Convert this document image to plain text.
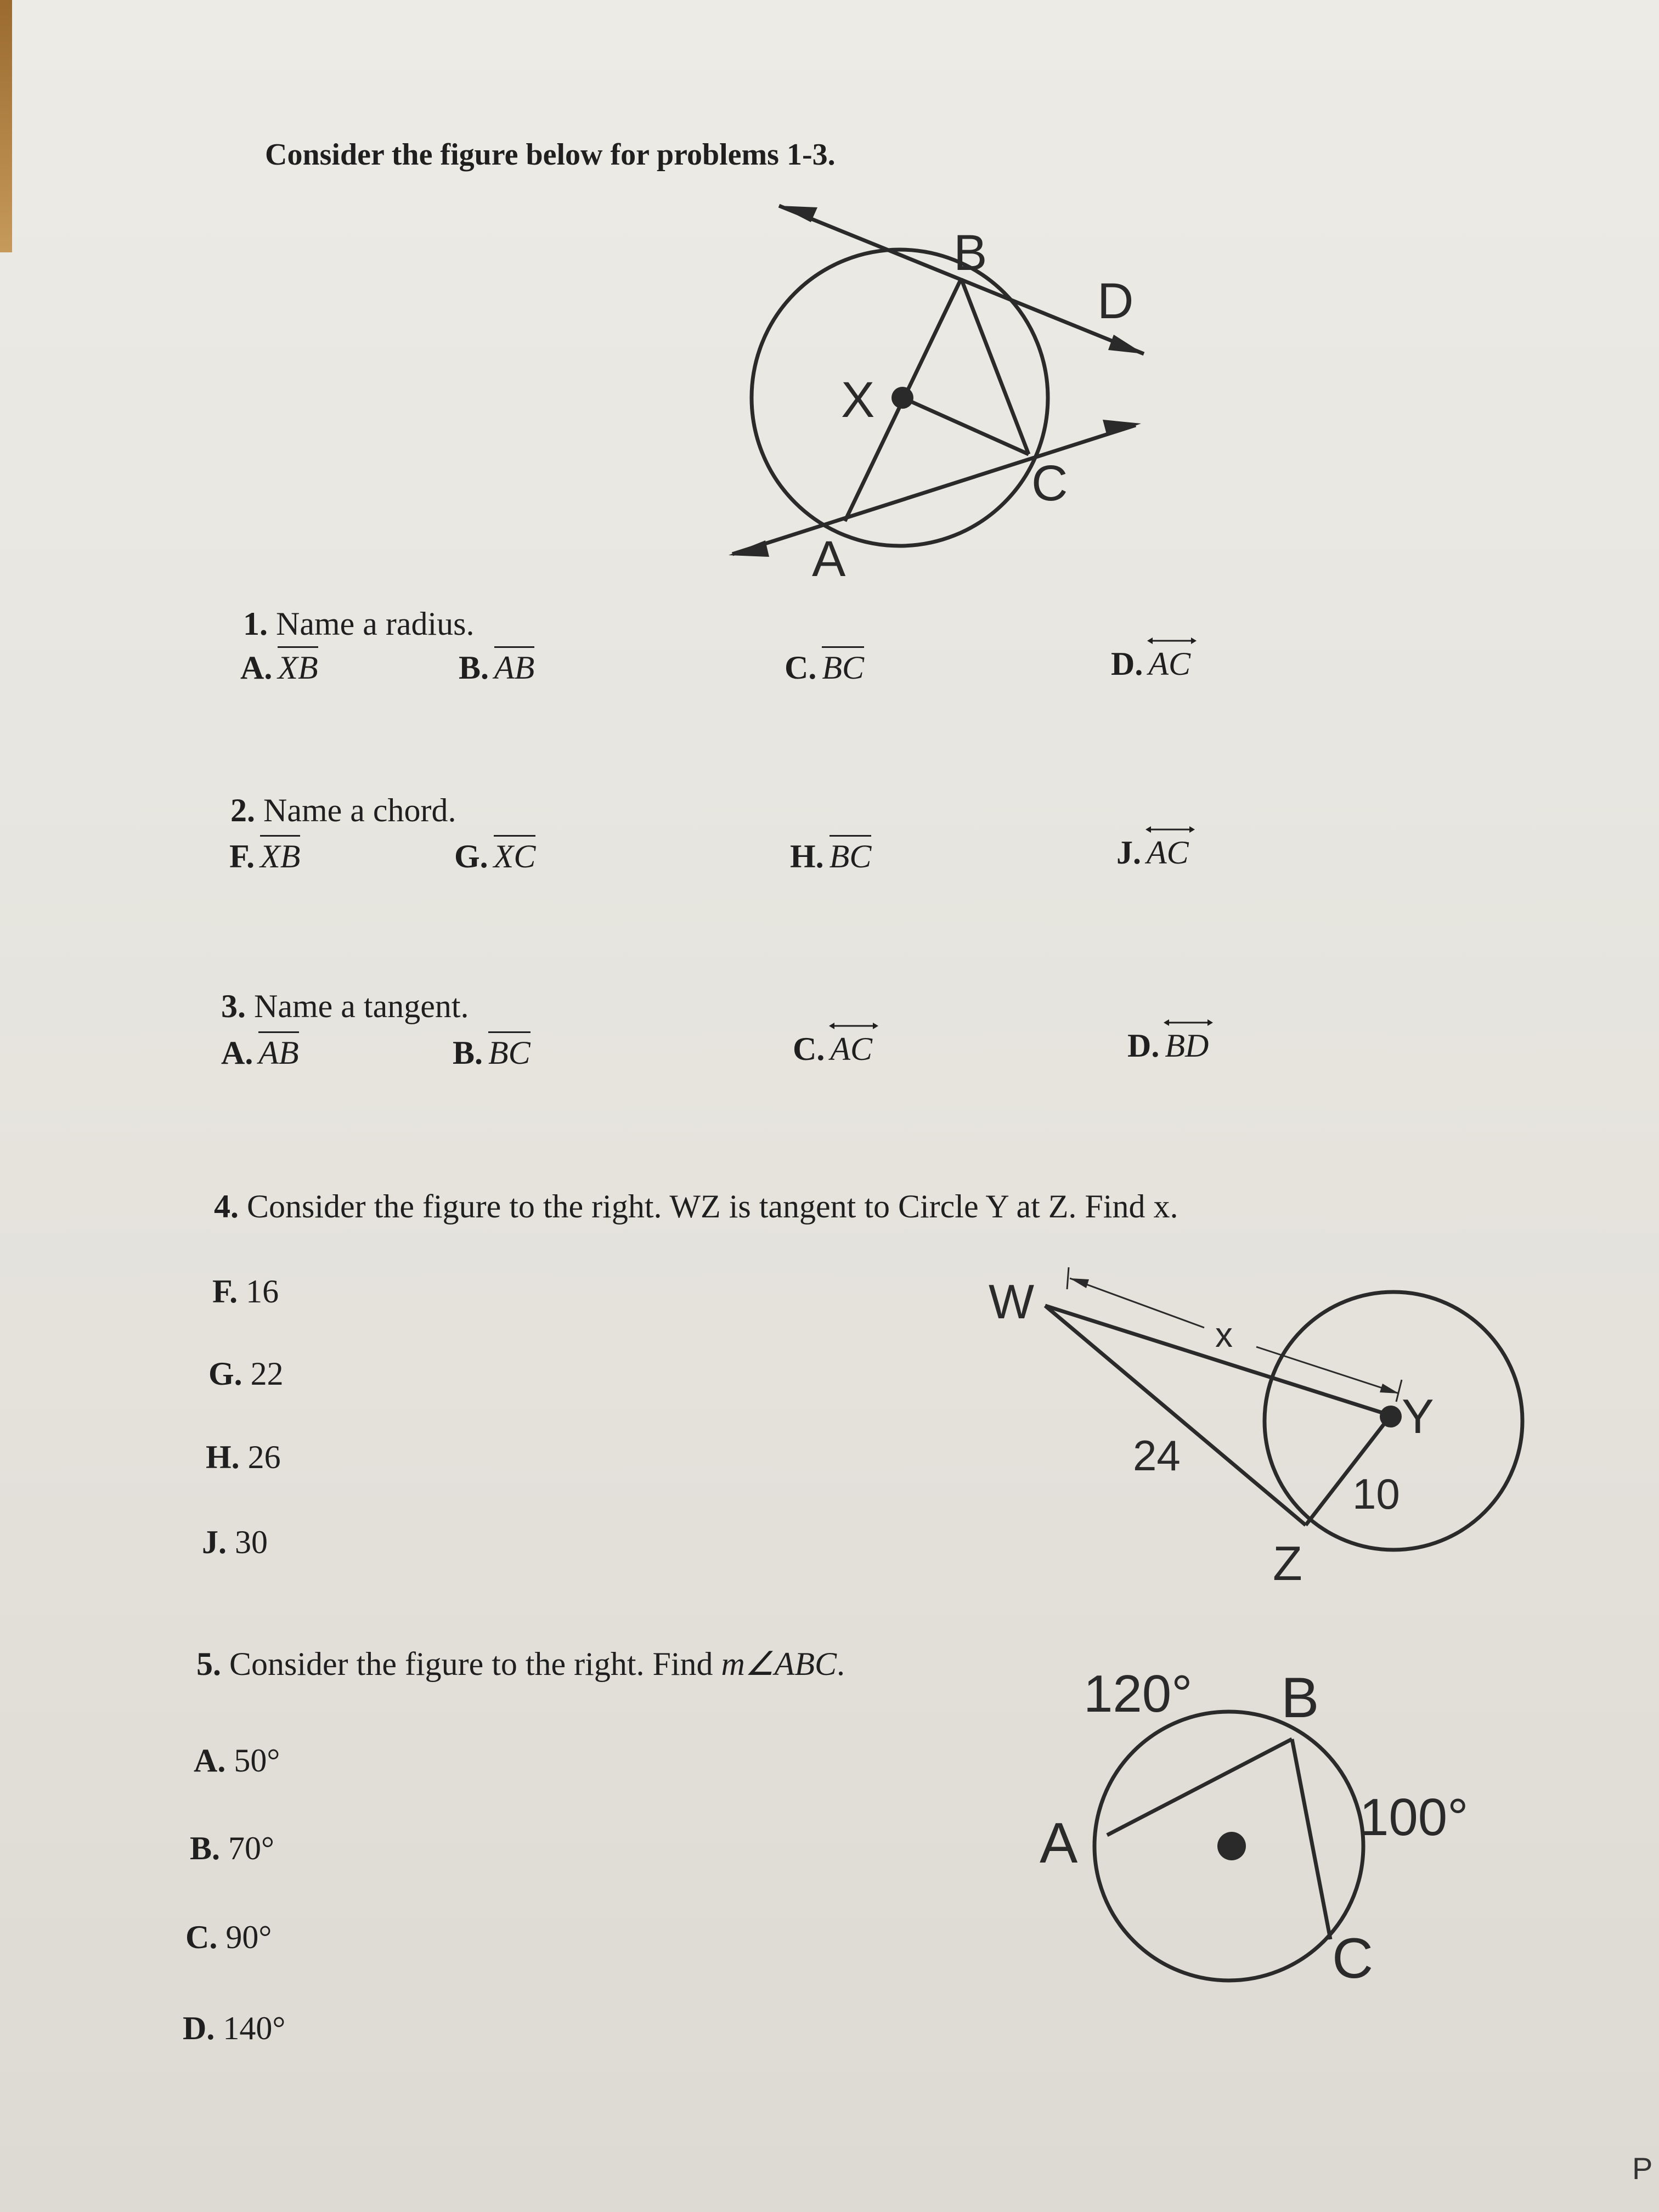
Consider the figure below for problems 1-3.
B
D
X
C
A
1. Name a radius.
A. XB	B. AB	C. BC	D. AC
2. Name a chord.
F. XB	G. XC	H. BC	J. AC
3. Name a tangent.
A. AB	B. BC	C. AC	D. BD
4. Consider the figure to the right. WZ is tangent to Circle Y at Z. Find x.
F. 16
G. 22
H. 26
J. 30
W
x
Y
24
10
Z
5. Consider the figure to the right. Find m∠ABC.
A. 50°
B. 70°
C. 90°
D. 140°
120° B
A	100°
C
P
